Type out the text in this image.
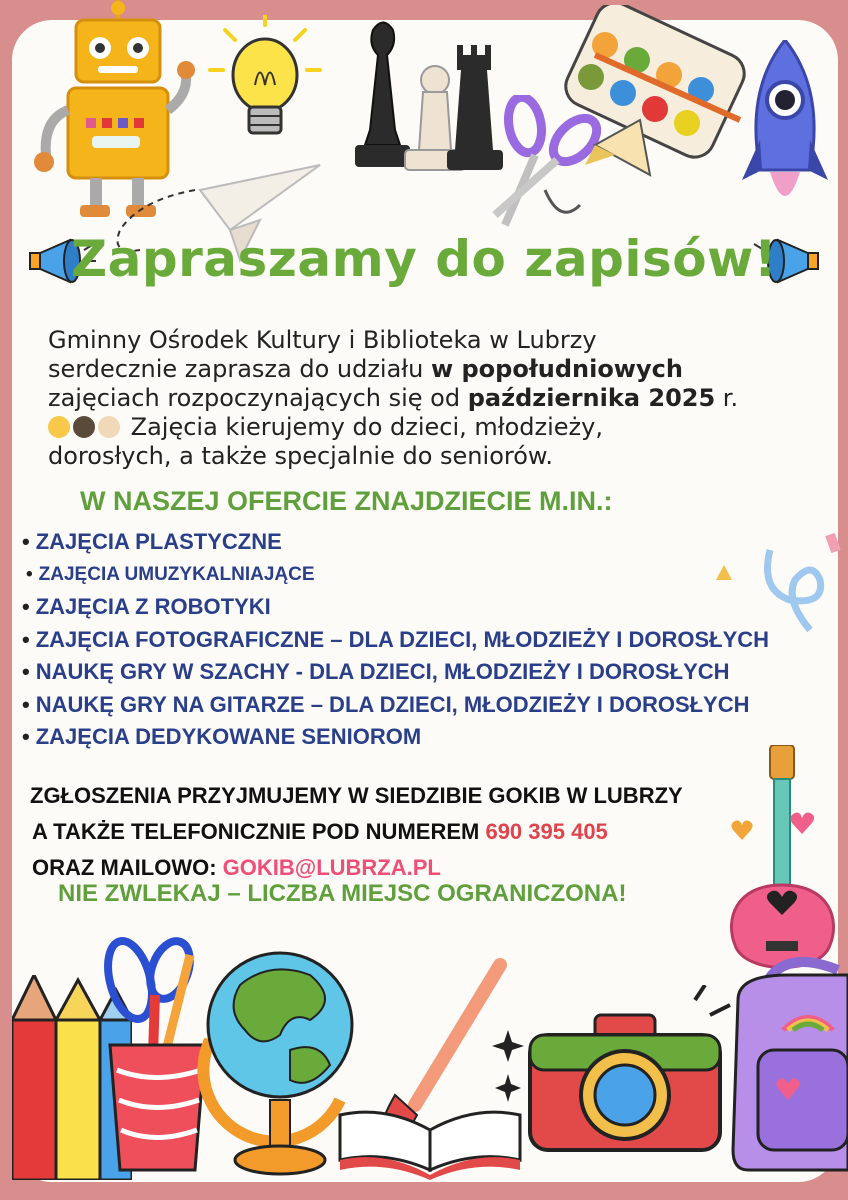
Zapraszamy do zapisów!
Gminny Ośrodek Kultury i Biblioteka w Lubrzy
serdecznie zaprasza do udziału w popołudniowych
zajęciach rozpoczynających się od października 2025 r.
Zajęcia kierujemy do dzieci, młodzieży,
dorosłych, a także specjalnie do seniorów.
W NASZEJ OFERCIE ZNAJDZIECIE M.IN.:
• ZAJĘCIA PLASTYCZNE
• ZAJĘCIA UMUZYKALNIAJĄCE
• ZAJĘCIA Z ROBOTYKI
• ZAJĘCIA FOTOGRAFICZNE – DLA DZIECI, MŁODZIEŻY I DOROSŁYCH
• NAUKĘ GRY W SZACHY - DLA DZIECI, MŁODZIEŻY I DOROSŁYCH
• NAUKĘ GRY NA GITARZE – DLA DZIECI, MŁODZIEŻY I DOROSŁYCH
• ZAJĘCIA DEDYKOWANE SENIOROM
ZGŁOSZENIA PRZYJMUJEMY W SIEDZIBIE GOKIB W LUBRZY
A TAKŻE TELEFONICZNIE POD NUMEREM 690 395 405
ORAZ MAILOWO: GOKIB@LUBRZA.PL
NIE ZWLEKAJ – LICZBA MIEJSC OGRANICZONA!
